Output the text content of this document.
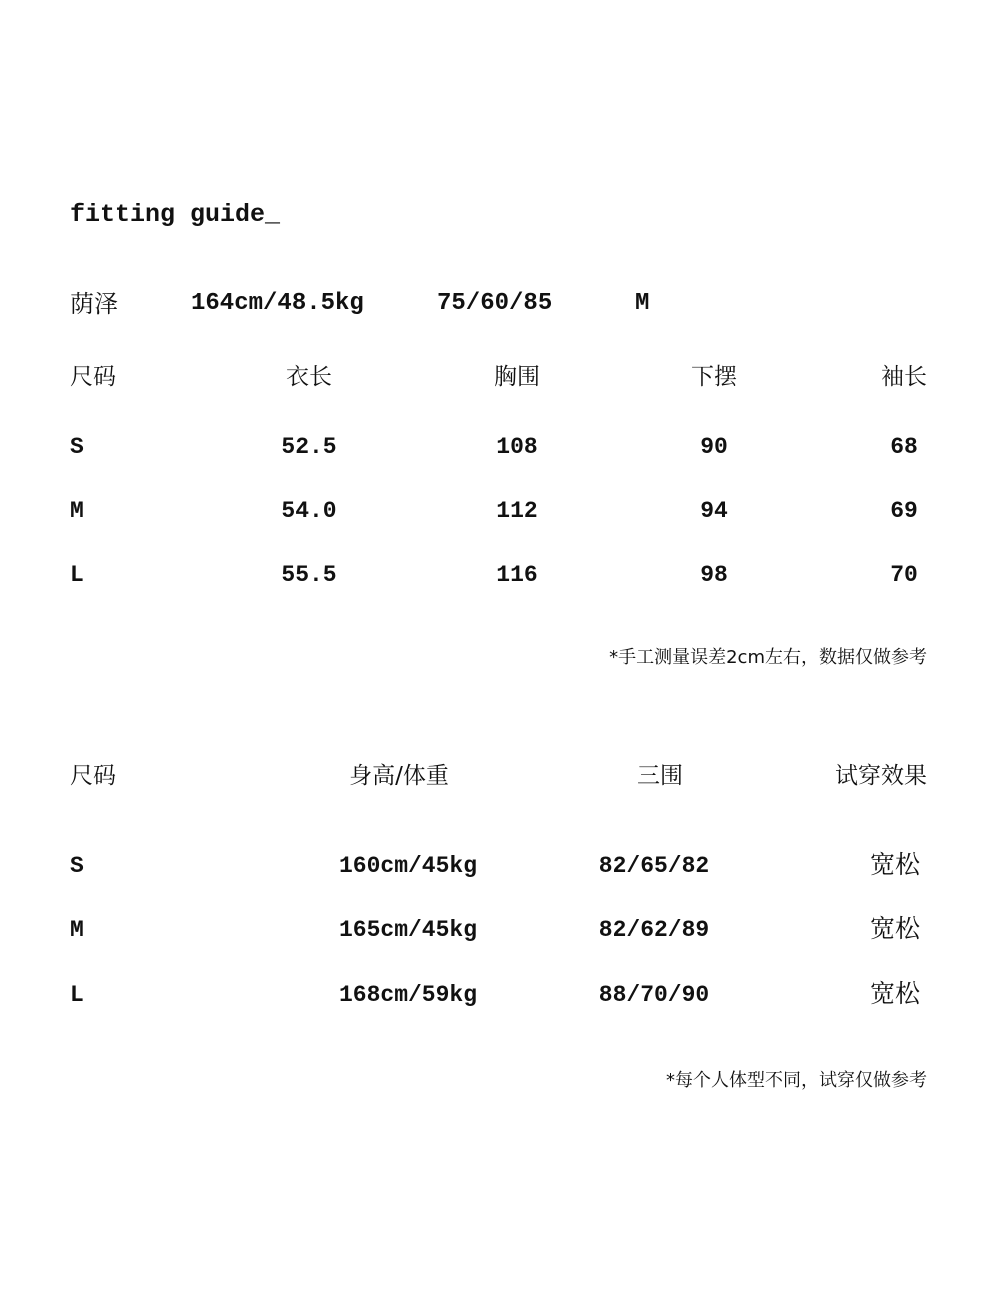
fitting guide_
荫泽	164cm/48.5kg	75/60/85	M
尺码	衣长	胸围	下摆	袖长
S	52.5	108	90	68
M	54.0	112	94	69
L	55.5	116	98	70
*手工测量误差2cm左右，数据仅做参考
尺码	身高/体重	三围	试穿效果
S	160cm/45kg	82/65/82	宽松
M	165cm/45kg	82/62/89	宽松
L	168cm/59kg	88/70/90	宽松
*每个人体型不同，试穿仅做参考
